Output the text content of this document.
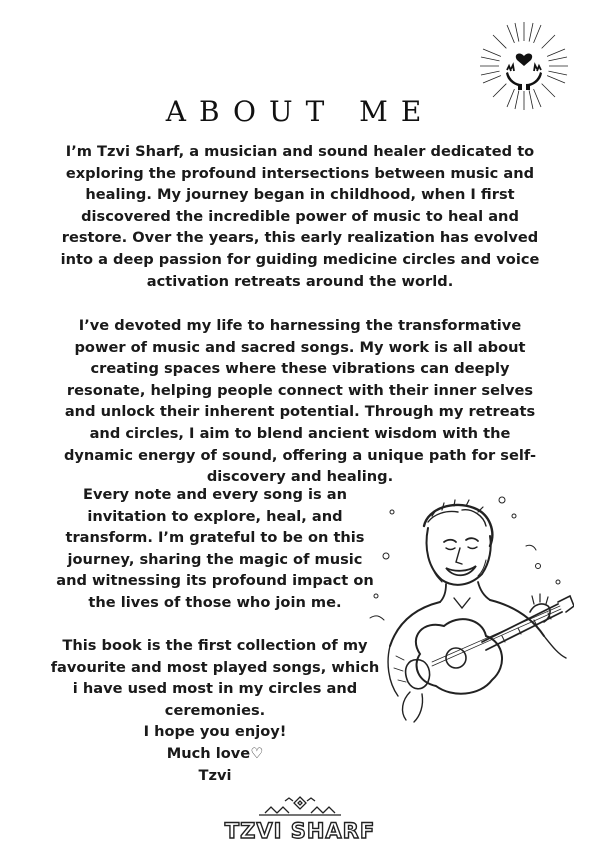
ABOUT ME

I’m Tzvi Sharf, a musician and sound healer dedicated to exploring the profound intersections between music and healing. My journey began in childhood, when I first discovered the incredible power of music to heal and restore. Over the years, this early realization has evolved into a deep passion for guiding medicine circles and voice activation retreats around the world.

I’ve devoted my life to harnessing the transformative power of music and sacred songs. My work is all about creating spaces where these vibrations can deeply resonate, helping people connect with their inner selves and unlock their inherent potential. Through my retreats and circles, I aim to blend ancient wisdom with the dynamic energy of sound, offering a unique path for self-discovery and healing.

Every note and every song is an invitation to explore, heal, and transform. I’m grateful to be on this journey, sharing the magic of music and witnessing its profound impact on the lives of those who join me.

This book is the first collection of my favourite and most played songs, which i have used most in my circles and ceremonies.
I hope you enjoy!
Much love♡
Tzvi

TZVI SHARF
